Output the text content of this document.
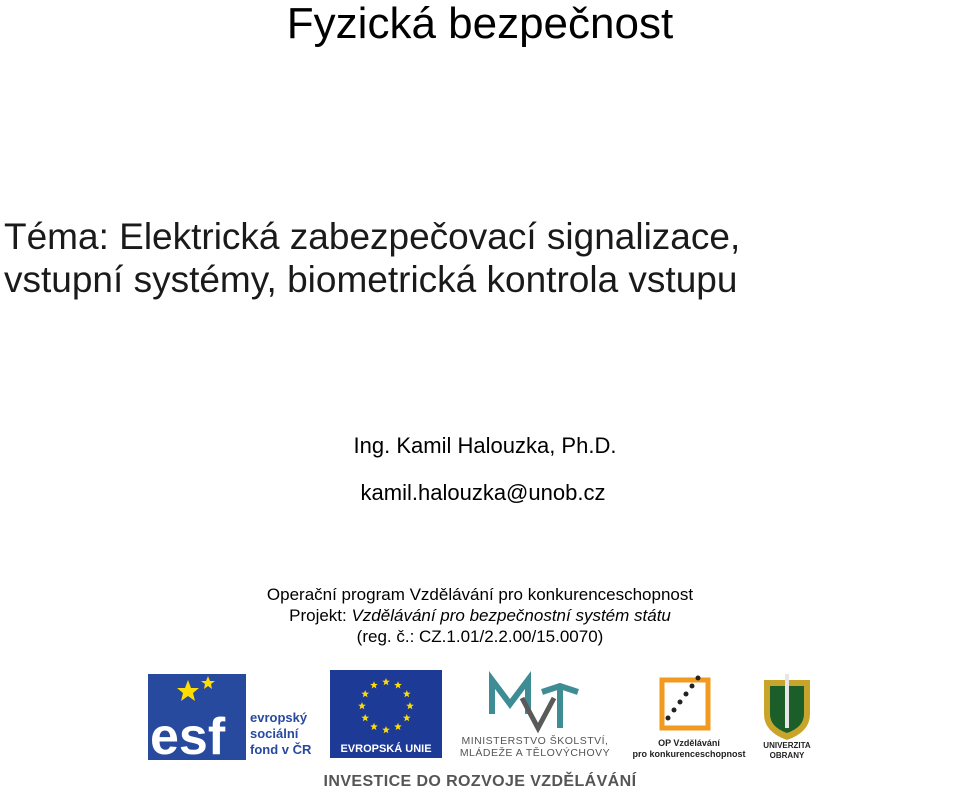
Fyzická bezpečnost
Téma: Elektrická zabezpečovací signalizace,
vstupní systémy, biometrická kontrola vstupu
Ing. Kamil Halouzka, Ph.D.
kamil.halouzka@unob.cz
Operační program Vzdělávání pro konkurenceschopnost
Projekt: Vzdělávání pro bezpečnostní systém státu
(reg. č.: CZ.1.01/2.2.00/15.0070)
esf evropský
sociální
fond v ČR	EVROPSKÁ UNIE
MINISTERSTVO ŠKOLSTVÍ,
MLÁDEŽE A TĚLOVÝCHOVY
OP Vzdělávání
pro konkurenceschopnost
UNIVERZITA
OBRANY
INVESTICE DO ROZVOJE VZDĚLÁVÁNÍ
